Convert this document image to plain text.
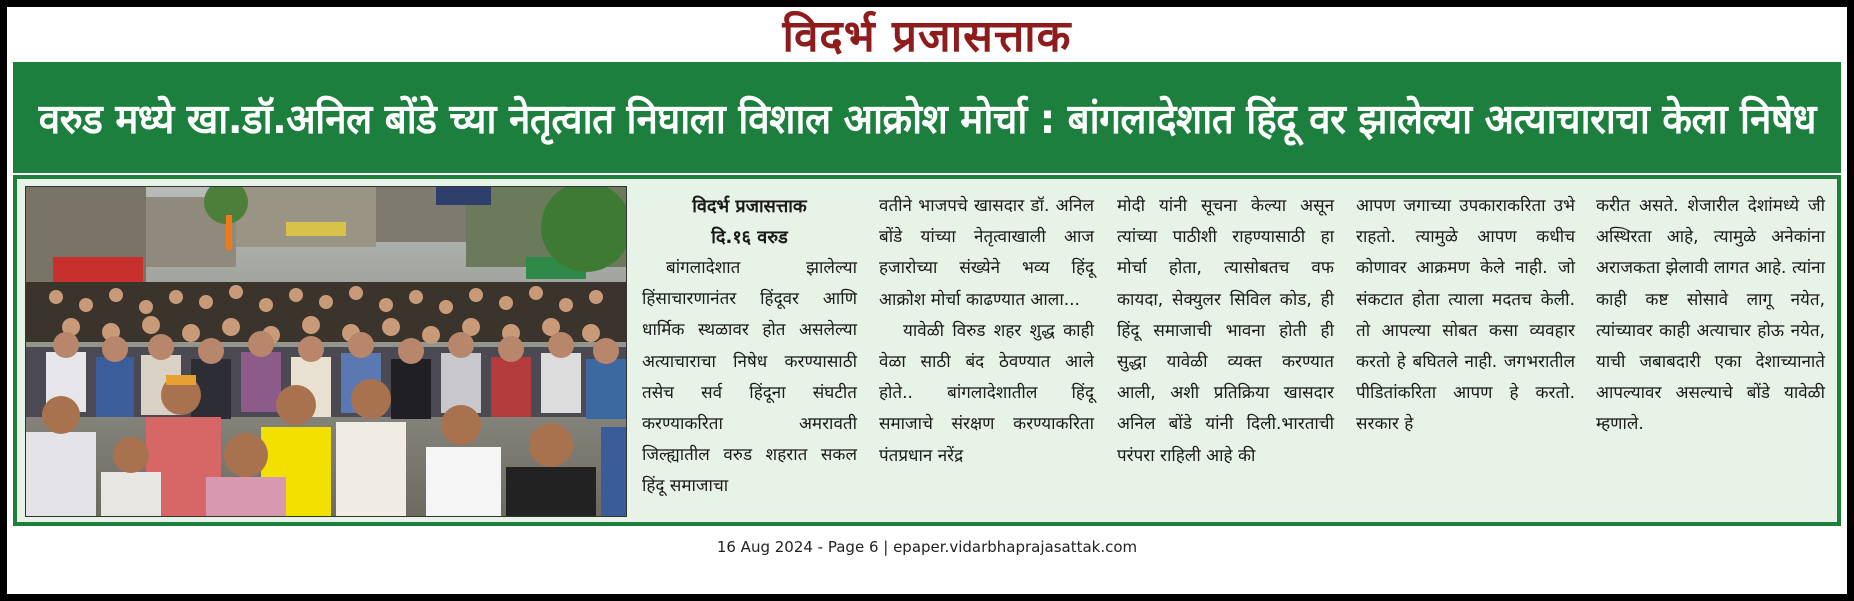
विदर्भ प्रजासत्ताक
वरुड मध्ये खा.डॉ.अनिल बोंडे च्या नेतृत्वात निघाला विशाल आक्रोश मोर्चा : बांगलादेशात हिंदू वर झालेल्या अत्याचाराचा केला निषेध
विदर्भ प्रजासत्ताक
दि.१६ वरुड

बांगलादेशात झालेल्या हिंसाचारणानंतर हिंदूवर आणि धार्मिक स्थळावर होत असलेल्या अत्याचाराचा निषेध करण्यासाठी तसेच सर्व हिंदूना संघटीत करण्याकरिता अमरावती जिल्ह्यातील वरुड शहरात सकल हिंदू समाजाचा

वतीने भाजपचे खासदार डॉ. अनिल बोंडे यांच्या नेतृत्वाखाली आज हजारोच्या संख्येने भव्य हिंदू आक्रोश मोर्चा काढण्यात आला...

यावेळी विरुड शहर शुद्ध काही वेळा साठी बंद ठेवण्यात आले होते.. बांगलादेशातील हिंदू समाजाचे संरक्षण करण्याकरिता पंतप्रधान नरेंद्र

मोदी यांनी सूचना केल्या असून त्यांच्या पाठीशी राहण्यासाठी हा मोर्चा होता, त्यासोबतच वफ कायदा, सेक्युलर सिविल कोड, ही हिंदू समाजाची भावना होती ही सुद्धा यावेळी व्यक्त करण्यात आली, अशी प्रतिक्रिया खासदार अनिल बोंडे यांनी दिली.भारताची परंपरा राहिली आहे की

आपण जगाच्या उपकाराकरिता उभे राहतो. त्यामुळे आपण कधीच कोणावर आक्रमण केले नाही. जो संकटात होता त्याला मदतच केली. तो आपल्या सोबत कसा व्यवहार करतो हे बघितले नाही. जगभरातील पीडितांकरिता आपण हे करतो. सरकार हे

करीत असते. शेजारील देशांमध्ये जी अस्थिरता आहे, त्यामुळे अनेकांना अराजकता झेलावी लागत आहे. त्यांना काही कष्ट सोसावे लागू नयेत, त्यांच्यावर काही अत्याचार होऊ नयेत, याची जबाबदारी एका देशाच्यानाते आपल्यावर असल्याचे बोंडे यावेळी म्हणाले.

16 Aug 2024 - Page 6 | epaper.vidarbhaprajasattak.com
